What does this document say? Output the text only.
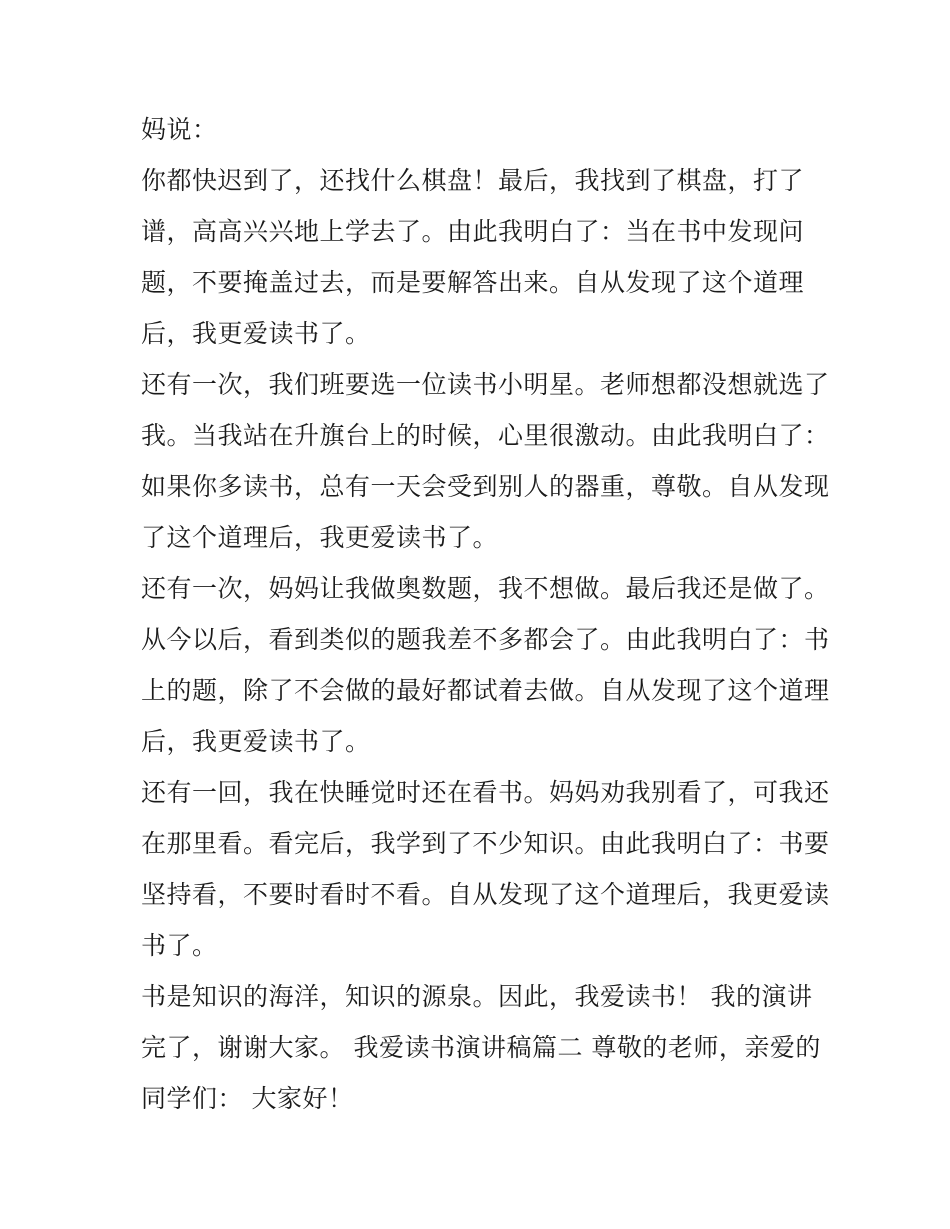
妈说：
你都快迟到了，还找什么棋盘！最后，我找到了棋盘，打了
谱，高高兴兴地上学去了。由此我明白了：当在书中发现问
题，不要掩盖过去，而是要解答出来。自从发现了这个道理
后，我更爱读书了。
还有一次，我们班要选一位读书小明星。老师想都没想就选了
我。当我站在升旗台上的时候，心里很激动。由此我明白了：
如果你多读书，总有一天会受到别人的器重，尊敬。自从发现
了这个道理后，我更爱读书了。
还有一次，妈妈让我做奥数题，我不想做。最后我还是做了。
从今以后，看到类似的题我差不多都会了。由此我明白了：书
上的题，除了不会做的最好都试着去做。自从发现了这个道理
后，我更爱读书了。
还有一回，我在快睡觉时还在看书。妈妈劝我别看了，可我还
在那里看。看完后，我学到了不少知识。由此我明白了：书要
坚持看，不要时看时不看。自从发现了这个道理后，我更爱读
书了。
书是知识的海洋，知识的源泉。因此，我爱读书！ 我的演讲
完了，谢谢大家。 我爱读书演讲稿篇二 尊敬的老师，亲爱的
同学们： 大家好！
